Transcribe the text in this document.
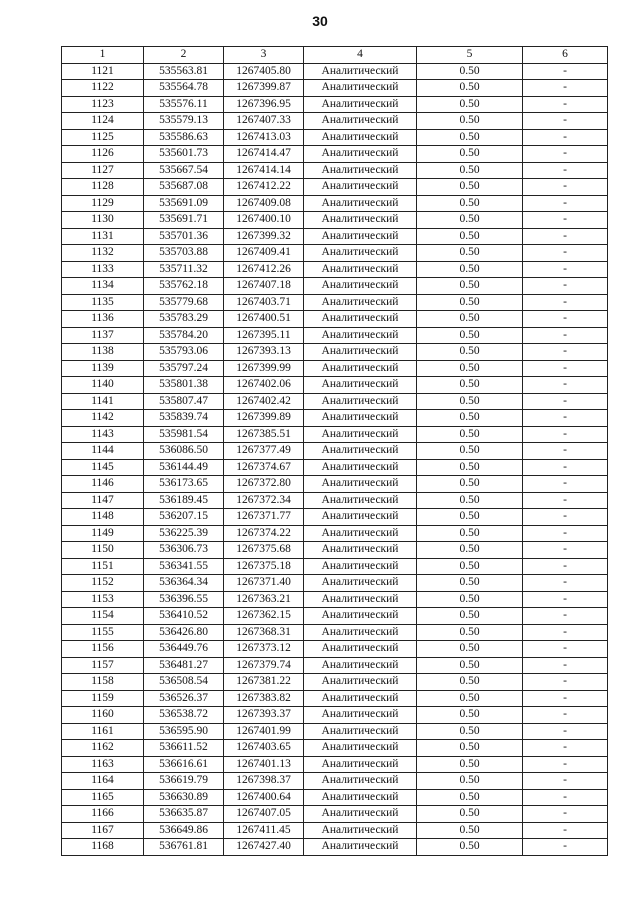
30
1	2	3	4	5	6
1121	535563.81	1267405.80	Аналитический	0.50	-
1122	535564.78	1267399.87	Аналитический	0.50	-
1123	535576.11	1267396.95	Аналитический	0.50	-
1124	535579.13	1267407.33	Аналитический	0.50	-
1125	535586.63	1267413.03	Аналитический	0.50	-
1126	535601.73	1267414.47	Аналитический	0.50	-
1127	535667.54	1267414.14	Аналитический	0.50	-
1128	535687.08	1267412.22	Аналитический	0.50	-
1129	535691.09	1267409.08	Аналитический	0.50	-
1130	535691.71	1267400.10	Аналитический	0.50	-
1131	535701.36	1267399.32	Аналитический	0.50	-
1132	535703.88	1267409.41	Аналитический	0.50	-
1133	535711.32	1267412.26	Аналитический	0.50	-
1134	535762.18	1267407.18	Аналитический	0.50	-
1135	535779.68	1267403.71	Аналитический	0.50	-
1136	535783.29	1267400.51	Аналитический	0.50	-
1137	535784.20	1267395.11	Аналитический	0.50	-
1138	535793.06	1267393.13	Аналитический	0.50	-
1139	535797.24	1267399.99	Аналитический	0.50	-
1140	535801.38	1267402.06	Аналитический	0.50	-
1141	535807.47	1267402.42	Аналитический	0.50	-
1142	535839.74	1267399.89	Аналитический	0.50	-
1143	535981.54	1267385.51	Аналитический	0.50	-
1144	536086.50	1267377.49	Аналитический	0.50	-
1145	536144.49	1267374.67	Аналитический	0.50	-
1146	536173.65	1267372.80	Аналитический	0.50	-
1147	536189.45	1267372.34	Аналитический	0.50	-
1148	536207.15	1267371.77	Аналитический	0.50	-
1149	536225.39	1267374.22	Аналитический	0.50	-
1150	536306.73	1267375.68	Аналитический	0.50	-
1151	536341.55	1267375.18	Аналитический	0.50	-
1152	536364.34	1267371.40	Аналитический	0.50	-
1153	536396.55	1267363.21	Аналитический	0.50	-
1154	536410.52	1267362.15	Аналитический	0.50	-
1155	536426.80	1267368.31	Аналитический	0.50	-
1156	536449.76	1267373.12	Аналитический	0.50	-
1157	536481.27	1267379.74	Аналитический	0.50	-
1158	536508.54	1267381.22	Аналитический	0.50	-
1159	536526.37	1267383.82	Аналитический	0.50	-
1160	536538.72	1267393.37	Аналитический	0.50	-
1161	536595.90	1267401.99	Аналитический	0.50	-
1162	536611.52	1267403.65	Аналитический	0.50	-
1163	536616.61	1267401.13	Аналитический	0.50	-
1164	536619.79	1267398.37	Аналитический	0.50	-
1165	536630.89	1267400.64	Аналитический	0.50	-
1166	536635.87	1267407.05	Аналитический	0.50	-
1167	536649.86	1267411.45	Аналитический	0.50	-
1168	536761.81	1267427.40	Аналитический	0.50	-
